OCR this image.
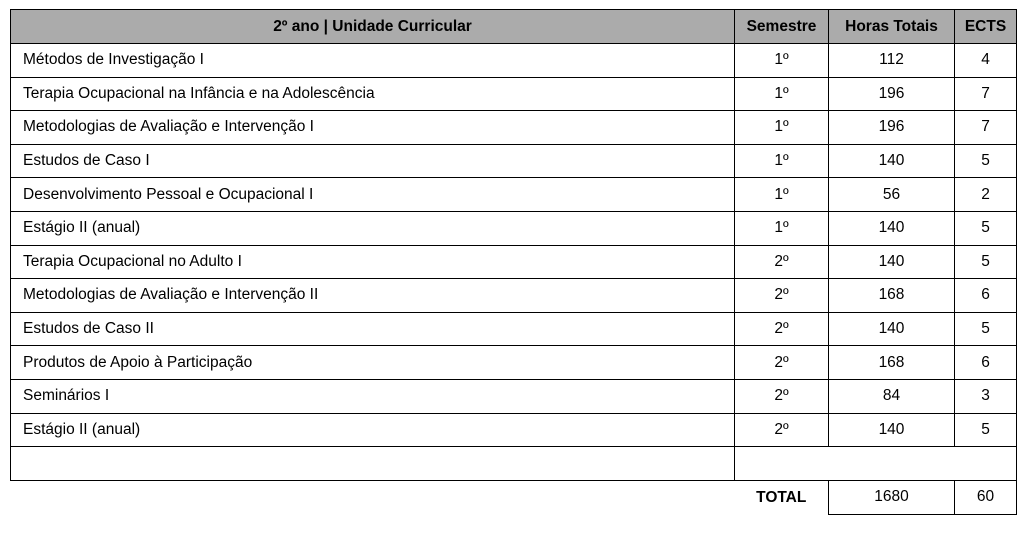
2º ano | Unidade Curricular	Semestre	Horas Totais	ECTS
Métodos de Investigação I	1º	112	4
Terapia Ocupacional na Infância e na Adolescência	1º	196	7
Metodologias de Avaliação e Intervenção I	1º	196	7
Estudos de Caso I	1º	140	5
Desenvolvimento Pessoal e Ocupacional I	1º	56	2
Estágio II (anual)	1º	140	5
Terapia Ocupacional no Adulto I	2º	140	5
Metodologias de Avaliação e Intervenção II	2º	168	6
Estudos de Caso II	2º	140	5
Produtos de Apoio à Participação	2º	168	6
Seminários I	2º	84	3
Estágio II (anual)	2º	140	5

	TOTAL	1680	60
